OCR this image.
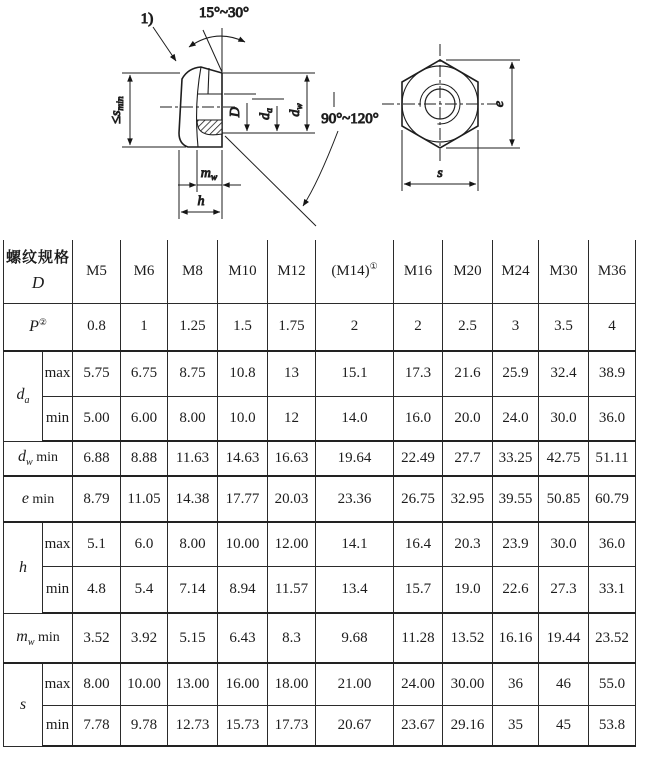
$\le s_{min}$
1)	15°~30°
D $d_a$ $d_w$
90°~120°
$m_w$
h
e
s
螺纹规格
D		M5	M6	M8	M10	M12	(M14)①	M16	M20	M24	M30	M36
P②		0.8	1	1.25	1.5	1.75	2	2	2.5	3	3.5	4
$d_a$	max	5.75	6.75	8.75	10.8	13	15.1	17.3	21.6	25.9	32.4	38.9
	min	5.00	6.00	8.00	10.0	12	14.0	16.0	20.0	24.0	30.0	36.0
$d_w$ min		6.88	8.88	11.63	14.63	16.63	19.64	22.49	27.7	33.25	42.75	51.11
e min		8.79	11.05	14.38	17.77	20.03	23.36	26.75	32.95	39.55	50.85	60.79
h	max	5.1	6.0	8.00	10.00	12.00	14.1	16.4	20.3	23.9	30.0	36.0
	min	4.8	5.4	7.14	8.94	11.57	13.4	15.7	19.0	22.6	27.3	33.1
$m_w$ min		3.52	3.92	5.15	6.43	8.3	9.68	11.28	13.52	16.16	19.44	23.52
s	max	8.00	10.00	13.00	16.00	18.00	21.00	24.00	30.00	36	46	55.0
	min	7.78	9.78	12.73	15.73	17.73	20.67	23.67	29.16	35	45	53.8
